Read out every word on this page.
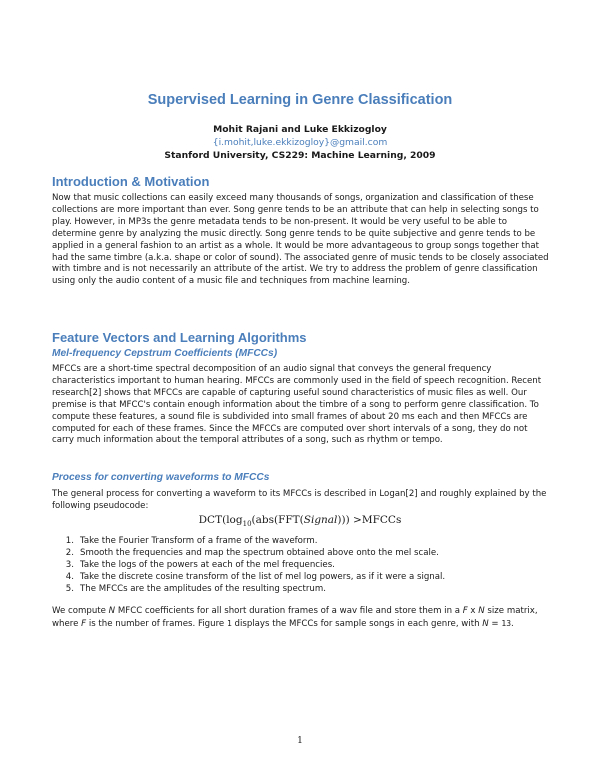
Supervised Learning in Genre Classification
Mohit Rajani and Luke Ekkizogloy
{i.mohit,luke.ekkizogloy}@gmail.com
Stanford University, CS229: Machine Learning, 2009
Introduction & Motivation

Now that music collections can easily exceed many thousands of songs, organization and classification of these collections are more important than ever. Song genre tends to be an attribute that can help in selecting songs to play. However, in MP3s the genre metadata tends to be non-present. It would be very useful to be able to determine genre by analyzing the music directly. Song genre tends to be quite subjective and genre tends to be applied in a general fashion to an artist as a whole. It would be more advantageous to group songs together that had the same timbre (a.k.a. shape or color of sound). The associated genre of music tends to be closely associated with timbre and is not necessarily an attribute of the artist. We try to address the problem of genre classification using only the audio content of a music file and techniques from machine learning.

Feature Vectors and Learning Algorithms
Mel-frequency Cepstrum Coefficients (MFCCs)

MFCCs are a short-time spectral decomposition of an audio signal that conveys the general frequency characteristics important to human hearing. MFCCs are commonly used in the field of speech recognition. Recent research[2] shows that MFCCs are capable of capturing useful sound characteristics of music files as well. Our premise is that MFCC's contain enough information about the timbre of a song to perform genre classification. To compute these features, a sound file is subdivided into small frames of about 20 ms each and then MFCCs are computed for each of these frames. Since the MFCCs are computed over short intervals of a song, they do not carry much information about the temporal attributes of a song, such as rhythm or tempo.

Process for converting waveforms to MFCCs

The general process for converting a waveform to its MFCCs is described in Logan[2] and roughly explained by the following pseudocode:

$DCT(\log_{10}(abs(FFT(Signal)))$ >MFCCs
1. Take the Fourier Transform of a frame of the waveform.
2. Smooth the frequencies and map the spectrum obtained above onto the mel scale.
3. Take the logs of the powers at each of the mel frequencies.
4. Take the discrete cosine transform of the list of mel log powers, as if it were a signal.
5. The MFCCs are the amplitudes of the resulting spectrum.

We compute N MFCC coefficients for all short duration frames of a wav file and store them in a F x N size matrix, where F is the number of frames. Figure 1 displays the MFCCs for sample songs in each genre, with N = 13.

1
